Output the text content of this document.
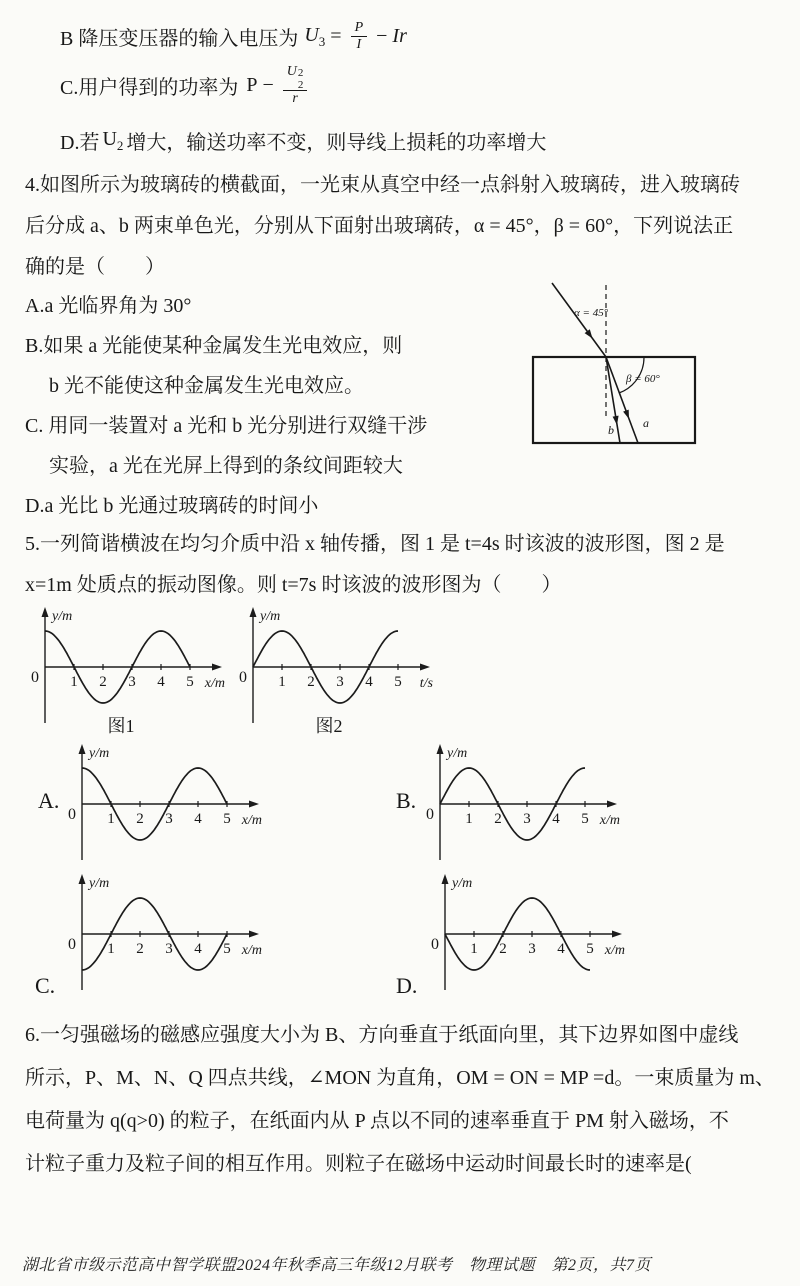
B 降压变压器的输入电压为 $U_3 = \frac{P}{I} - Ir$
C.用户得到的功率为 P − U 2
2
r
D.若 $U_2$ 增大，输送功率不变，则导线上损耗的功率增大
4.如图所示为玻璃砖的横截面，一光束从真空中经一点斜射入玻璃砖，进入玻璃砖
后分成 a、b 两束单色光，分别从下面射出玻璃砖，α = 45°，β = 60°，下列说法正
确的是（　　）
A.a 光临界角为 30°
B.如果 a 光能使某种金属发生光电效应，则
b 光不能使这种金属发生光电效应。
C. 用同一装置对 a 光和 b 光分别进行双缝干涉
实验，a 光在光屏上得到的条纹间距较大
D.a 光比 b 光通过玻璃砖的时间小
α = 45°
β = 60°
b a
5.一列简谐横波在均匀介质中沿 x 轴传播，图 1 是 t=4s 时该波的波形图，图 2 是
x=1m 处质点的振动图像。则 t=7s 时该波的波形图为（　　）
1 2 3 4 5
0
y/m
x/m
图1
1 2 3 4 5
0
y/m
t/s
图2
A.
1 2 3 4 5
0
y/m
x/m
B.
1 2 3 4 5
0
y/m
x/m
C.
1 2 3 4 5
0
y/m
x/m
D.
1 2 3 4 5
0
y/m
x/m
6.一匀强磁场的磁感应强度大小为 B、方向垂直于纸面向里，其下边界如图中虚线
所示，P、M、N、Q 四点共线，∠MON 为直角，OM = ON = MP =d。一束质量为 m、
电荷量为 q(q>0) 的粒子，在纸面内从 P 点以不同的速率垂直于 PM 射入磁场，不
计粒子重力及粒子间的相互作用。则粒子在磁场中运动时间最长时的速率是(
湖北省市级示范高中智学联盟2024年秋季高三年级12月联考　物理试题　第2页，共7页
